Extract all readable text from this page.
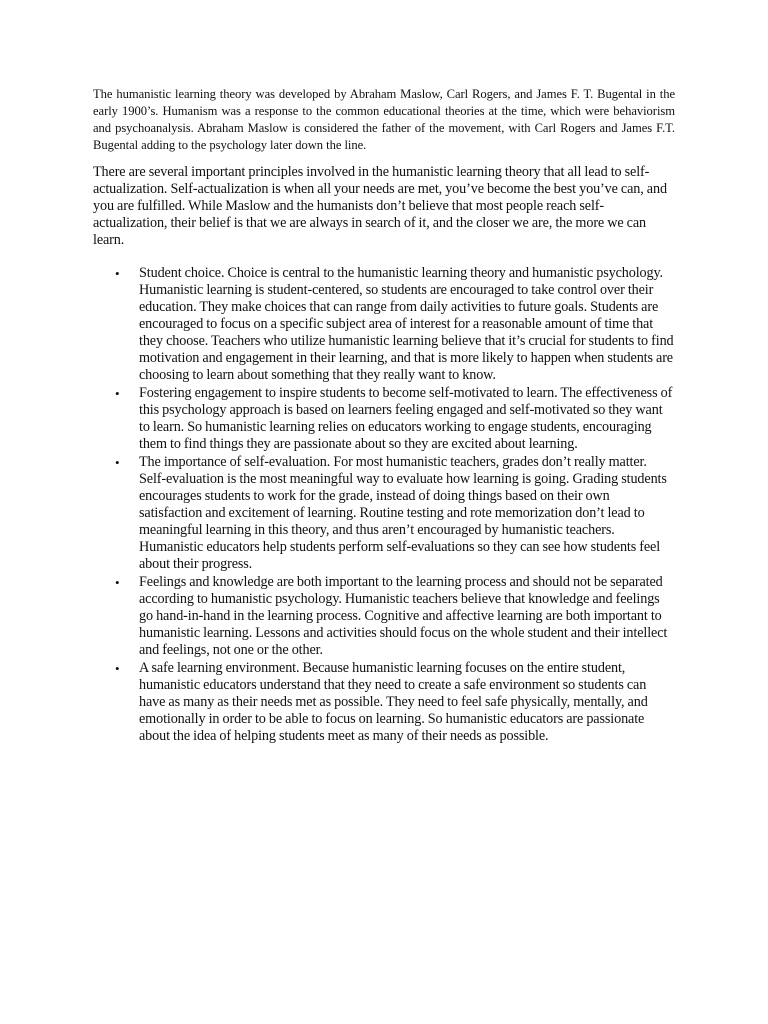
The humanistic learning theory was developed by Abraham Maslow, Carl Rogers, and James F. T. Bugental in the early 1900’s. Humanism was a response to the common educational theories at the time, which were behaviorism and psychoanalysis. Abraham Maslow is considered the father of the movement, with Carl Rogers and James F.T. Bugental adding to the psychology later down the line.

There are several important principles involved in the humanistic learning theory that all lead to self-actualization. Self-actualization is when all your needs are met, you’ve become the best you’ve can, and you are fulfilled. While Maslow and the humanists don’t believe that most people reach self-actualization, their belief is that we are always in search of it, and the closer we are, the more we can learn.

• Student choice. Choice is central to the humanistic learning theory and humanistic psychology. Humanistic learning is student-centered, so students are encouraged to take control over their education. They make choices that can range from daily activities to future goals. Students are encouraged to focus on a specific subject area of interest for a reasonable amount of time that they choose. Teachers who utilize humanistic learning believe that it’s crucial for students to find motivation and engagement in their learning, and that is more likely to happen when students are choosing to learn about something that they really want to know.
• Fostering engagement to inspire students to become self-motivated to learn. The effectiveness of this psychology approach is based on learners feeling engaged and self-motivated so they want to learn. So humanistic learning relies on educators working to engage students, encouraging them to find things they are passionate about so they are excited about learning.
• The importance of self-evaluation. For most humanistic teachers, grades don’t really matter. Self-evaluation is the most meaningful way to evaluate how learning is going. Grading students encourages students to work for the grade, instead of doing things based on their own satisfaction and excitement of learning. Routine testing and rote memorization don’t lead to meaningful learning in this theory, and thus aren’t encouraged by humanistic teachers. Humanistic educators help students perform self-evaluations so they can see how students feel about their progress.
• Feelings and knowledge are both important to the learning process and should not be separated according to humanistic psychology. Humanistic teachers believe that knowledge and feelings go hand-in-hand in the learning process. Cognitive and affective learning are both important to humanistic learning. Lessons and activities should focus on the whole student and their intellect and feelings, not one or the other.
• A safe learning environment. Because humanistic learning focuses on the entire student, humanistic educators understand that they need to create a safe environment so students can have as many as their needs met as possible. They need to feel safe physically, mentally, and emotionally in order to be able to focus on learning. So humanistic educators are passionate about the idea of helping students meet as many of their needs as possible.
